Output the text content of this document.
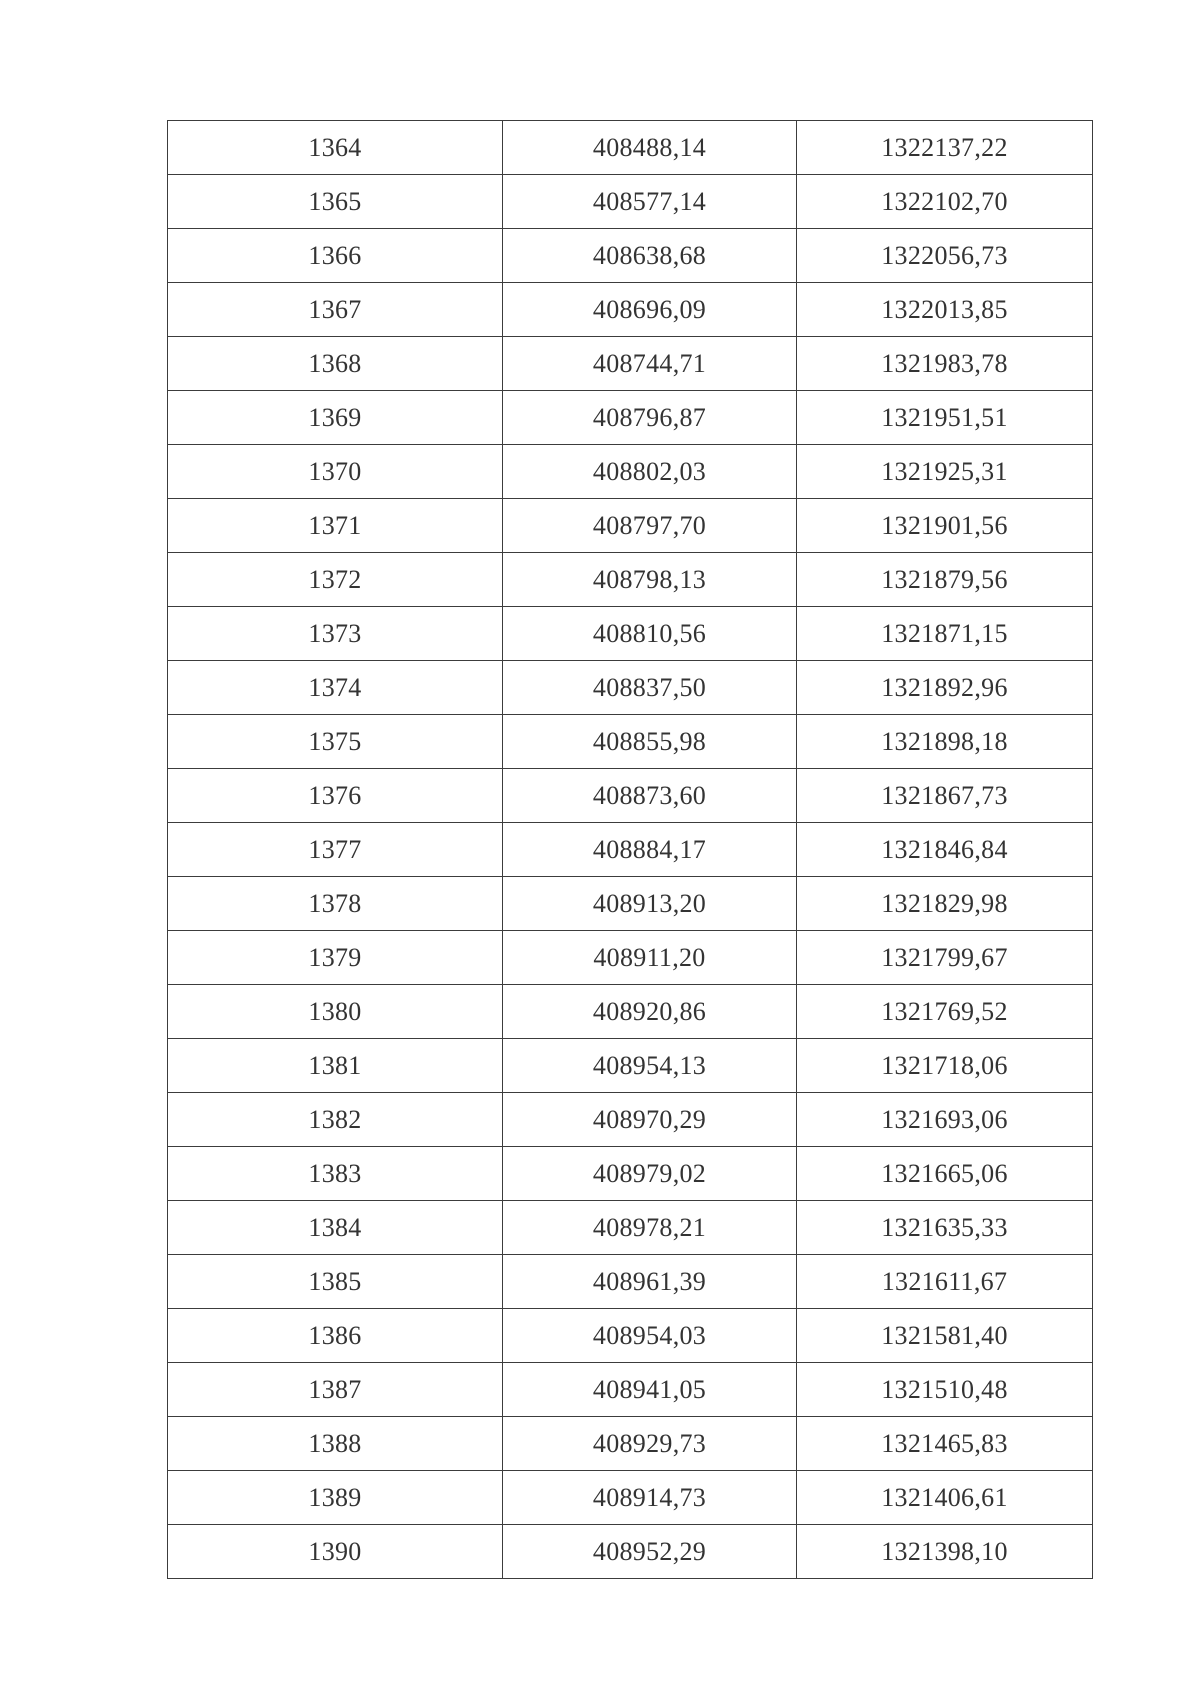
1364	408488,14	1322137,22
1365	408577,14	1322102,70
1366	408638,68	1322056,73
1367	408696,09	1322013,85
1368	408744,71	1321983,78
1369	408796,87	1321951,51
1370	408802,03	1321925,31
1371	408797,70	1321901,56
1372	408798,13	1321879,56
1373	408810,56	1321871,15
1374	408837,50	1321892,96
1375	408855,98	1321898,18
1376	408873,60	1321867,73
1377	408884,17	1321846,84
1378	408913,20	1321829,98
1379	408911,20	1321799,67
1380	408920,86	1321769,52
1381	408954,13	1321718,06
1382	408970,29	1321693,06
1383	408979,02	1321665,06
1384	408978,21	1321635,33
1385	408961,39	1321611,67
1386	408954,03	1321581,40
1387	408941,05	1321510,48
1388	408929,73	1321465,83
1389	408914,73	1321406,61
1390	408952,29	1321398,10
